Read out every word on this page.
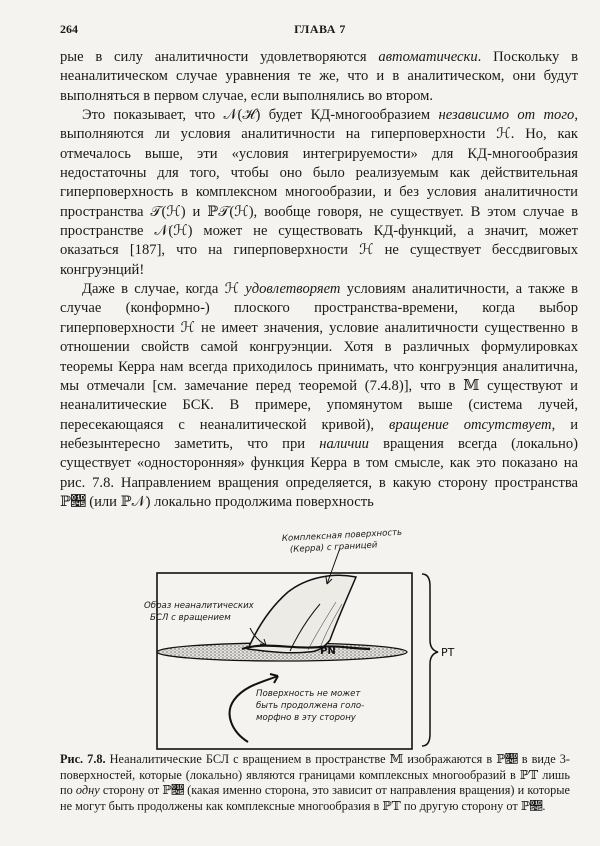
264	ГЛАВА 7

рые в силу аналитичности удовлетворяются автоматически. Поскольку в неаналитическом случае уравнения те же, что и в аналитическом, они будут выполняться в первом случае, если выполнялись во втором.

Это показывает, что 𝒩(ℋ) будет КД-многообразием независимо от того, выполняются ли условия аналитичности на гиперповерхности ℋ. Но, как отмечалось выше, эти «условия интегрируемости» для КД-многообразия недостаточны для того, чтобы оно было реализуемым как действительная гиперповерхность в комплексном многообразии, и без условия аналитичности пространства 𝒯(ℋ) и ℙ𝒯(ℋ), вообще говоря, не существует. В этом случае в пространстве 𝒩(ℋ) может не существовать КД-функций, а значит, может оказаться [187], что на гиперповерхности ℋ не существует бессдвиговых конгруэнций!

Даже в случае, когда ℋ удовлетворяет условиям аналитичности, а также в случае (конформно-) плоского пространства-времени, когда выбор гиперповерхности ℋ не имеет значения, условие аналитичности существенно в отношении свойств самой конгруэнции. Хотя в различных формулировках теоремы Керра нам всегда приходилось принимать, что конгруэнция аналитична, мы отмечали [см. замечание перед теоремой (7.4.8)], что в 𝕄 существуют и неаналитические БСК. В примере, упомянутом выше (система лучей, пересекающаяся с неаналитической кривой), вращение отсутствует, и небезынтересно заметить, что при наличии вращения всегда (локально) существует «односторонняя» функция Керра в том смысле, как это показано на рис. 7.8. Направлением вращения определяется, в какую сторону пространства ℙ𝕅 (или ℙ𝒩) локально продолжима поверхность

Комплексная поверхность
(Керра) с границей
Образ неаналитических
БСЛ с вращением
PN	PT
Поверхность не может
быть продолжена голо-
морфно в эту сторону
Рис. 7.8. Неаналитические БСЛ с вращением в пространстве 𝕄 изображаются в ℙ𝕅 в виде 3-поверхностей, которые (локально) являются границами комплексных многообразий в ℙ𝕋 лишь по одну сторону от ℙ𝕅 (какая именно сторона, это зависит от направления вращения) и которые не могут быть продолжены как комплексные многообразия в ℙ𝕋 по другую сторону от ℙ𝕅.
